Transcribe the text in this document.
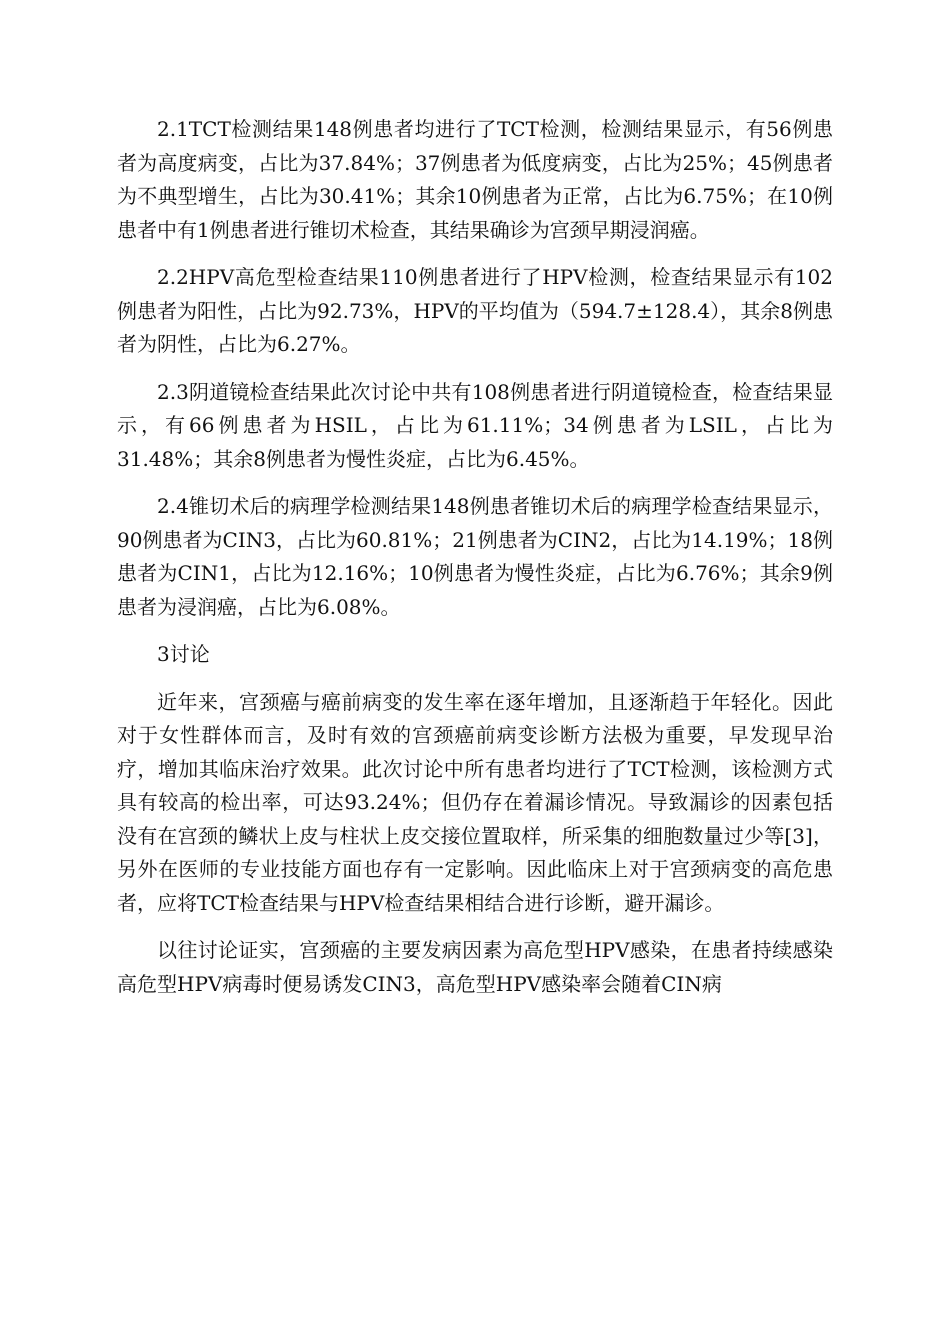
2.1TCT检测结果148例患者均进行了TCT检测，检测结果显示，有56例患者为高度病变，占比为37.84%；37例患者为低度病变，占比为25%；45例患者为不典型增生，占比为30.41%；其余10例患者为正常，占比为6.75%；在10例患者中有1例患者进行锥切术检查，其结果确诊为宫颈早期浸润癌。

2.2HPV高危型检查结果110例患者进行了HPV检测，检查结果显示有102例患者为阳性，占比为92.73%，HPV的平均值为（594.7±128.4），其余8例患者为阴性，占比为6.27%。

2.3阴道镜检查结果此次讨论中共有108例患者进行阴道镜检查，检查结果显示，有66例患者为HSIL，占比为61.11%；34例患者为LSIL，占比为31.48%；其余8例患者为慢性炎症，占比为6.45%。

2.4锥切术后的病理学检测结果148例患者锥切术后的病理学检查结果显示，90例患者为CIN3，占比为60.81%；21例患者为CIN2，占比为14.19%；18例患者为CIN1，占比为12.16%；10例患者为慢性炎症，占比为6.76%；其余9例患者为浸润癌，占比为6.08%。

3讨论

近年来，宫颈癌与癌前病变的发生率在逐年增加，且逐渐趋于年轻化。因此对于女性群体而言，及时有效的宫颈癌前病变诊断方法极为重要，早发现早治疗，增加其临床治疗效果。此次讨论中所有患者均进行了TCT检测，该检测方式具有较高的检出率，可达93.24%；但仍存在着漏诊情况。导致漏诊的因素包括没有在宫颈的鳞状上皮与柱状上皮交接位置取样，所采集的细胞数量过少等[3]，另外在医师的专业技能方面也存有一定影响。因此临床上对于宫颈病变的高危患者，应将TCT检查结果与HPV检查结果相结合进行诊断，避开漏诊。

以往讨论证实，宫颈癌的主要发病因素为高危型HPV感染，在患者持续感染高危型HPV病毒时便易诱发CIN3，高危型HPV感染率会随着CIN病
